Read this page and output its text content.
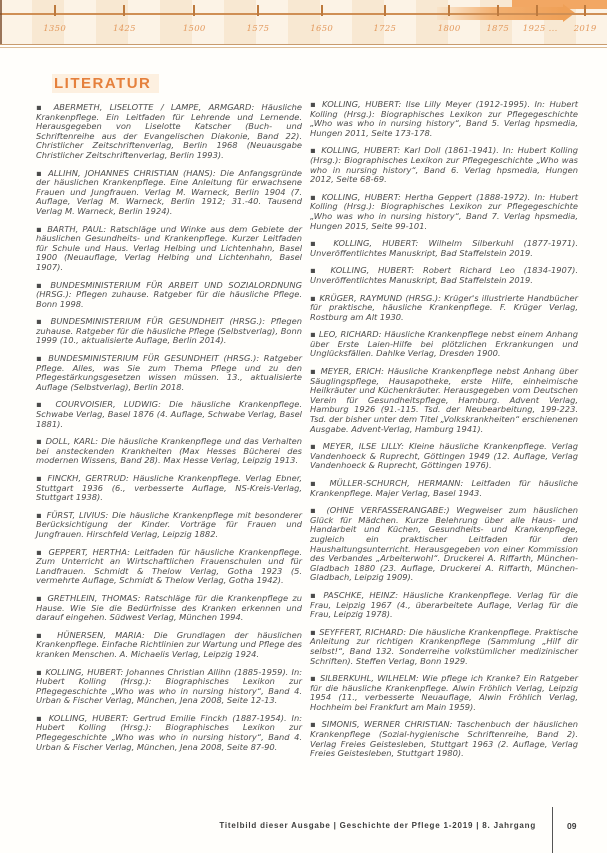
1350	1425	1500	1575	1650	1725	1800	1875 1925 ... 2019
LITERATUR

▪ ABERMETH, LISELOTTE / LAMPE, ARMGARD: Häusliche Krankenpflege. Ein Leitfaden für Lehrende und Lernende. Herausgegeben von Liselotte Katscher (Buch- und Schriftenreihe aus der Evangelischen Diakonie, Band 22). Christlicher Zeitschriftenverlag, Berlin 1968 (Neuausgabe Christlicher Zeitschriftenverlag, Berlin 1993).

▪ ALLIHN, JOHANNES CHRISTIAN (HANS): Die Anfangsgründe der häuslichen Krankenpflege. Eine Anleitung für erwachsene Frauen und Jungfrauen. Verlag M. Warneck, Berlin 1904 (7. Auflage, Verlag M. Warneck, Berlin 1912; 31.-40. Tausend Verlag M. Warneck, Berlin 1924).

▪ BARTH, PAUL: Ratschläge und Winke aus dem Gebiete der häuslichen Gesundheits- und Krankenpflege. Kurzer Leitfaden für Schule und Haus. Verlag Helbing und Lichtenhahn, Basel 1900 (Neuauflage, Verlag Helbing und Lichtenhahn, Basel 1907).

▪ BUNDESMINISTERIUM FÜR ARBEIT UND SOZIALORDNUNG (HRSG.): Pflegen zuhause. Ratgeber für die häusliche Pflege. Bonn 1998.

▪ BUNDESMINISTERIUM FÜR GESUNDHEIT (HRSG.): Pflegen zuhause. Ratgeber für die häusliche Pflege (Selbstverlag), Bonn 1999 (10., aktualisierte Auflage, Berlin 2014).

▪ BUNDESMINISTERIUM FÜR GESUNDHEIT (HRSG.): Ratgeber Pflege. Alles, was Sie zum Thema Pflege und zu den Pflegestärkungsgesetzen wissen müssen. 13., aktualisierte Auflage (Selbstverlag), Berlin 2018.

▪ COURVOISIER, LUDWIG: Die häusliche Krankenpflege. Schwabe Verlag, Basel 1876 (4. Auflage, Schwabe Verlag, Basel 1881).

▪ DOLL, KARL: Die häusliche Krankenpflege und das Verhalten bei ansteckenden Krankheiten (Max Hesses Bücherei des modernen Wissens, Band 28). Max Hesse Verlag, Leipzig 1913.

▪ FINCKH, GERTRUD: Häusliche Krankenpflege. Verlag Ebner, Stuttgart 1936 (6., verbesserte Auflage, NS-Kreis-Verlag, Stuttgart 1938).

▪ FÜRST, LIVIUS: Die häusliche Krankenpflege mit besonderer Berücksichtigung der Kinder. Vorträge für Frauen und Jungfrauen. Hirschfeld Verlag, Leipzig 1882.

▪ GEPPERT, HERTHA: Leitfaden für häusliche Krankenpflege. Zum Unterricht an Wirtschaftlichen Frauenschulen und für Landfrauen. Schmidt & Thelow Verlag, Gotha 1923 (5. vermehrte Auflage, Schmidt & Thelow Verlag, Gotha 1942).

▪ GRETHLEIN, THOMAS: Ratschläge für die Krankenpflege zu Hause. Wie Sie die Bedürfnisse des Kranken erkennen und darauf eingehen. Südwest Verlag, München 1994.

▪ HÜNERSEN, MARIA: Die Grundlagen der häuslichen Krankenpflege. Einfache Richtlinien zur Wartung und Pflege des kranken Menschen. A. Michaelis Verlag, Leipzig 1924.

▪ KOLLING, HUBERT: Johannes Christian Allihn (1885-1959). In: Hubert Kolling (Hrsg.): Biographisches Lexikon zur Pflegegeschichte „Who was who in nursing history“, Band 4. Urban & Fischer Verlag, München, Jena 2008, Seite 12-13.

▪ KOLLING, HUBERT: Gertrud Emilie Finckh (1887-1954). In: Hubert Kolling (Hrsg.): Biographisches Lexikon zur Pflegegeschichte „Who was who in nursing history“, Band 4. Urban & Fischer Verlag, München, Jena 2008, Seite 87-90.

▪ KOLLING, HUBERT: Ilse Lilly Meyer (1912-1995). In: Hubert Kolling (Hrsg.): Biographisches Lexikon zur Pflegegeschichte „Who was who in nursing history“, Band 5. Verlag hpsmedia, Hungen 2011, Seite 173-178.

▪ KOLLING, HUBERT: Karl Doll (1861-1941). In: Hubert Kolling (Hrsg.): Biographisches Lexikon zur Pflegegeschichte „Who was who in nursing history“, Band 6. Verlag hpsmedia, Hungen 2012, Seite 68-69.

▪ KOLLING, HUBERT: Hertha Geppert (1888-1972). In: Hubert Kolling (Hrsg.): Biographisches Lexikon zur Pflegegeschichte „Who was who in nursing history“, Band 7. Verlag hpsmedia, Hungen 2015, Seite 99-101.

▪ KOLLING, HUBERT: Wilhelm Silberkuhl (1877-1971). Unveröffentlichtes Manuskript, Bad Staffelstein 2019.

▪ KOLLING, HUBERT: Robert Richard Leo (1834-1907). Unveröffentlichtes Manuskript, Bad Staffelstein 2019.

▪ KRÜGER, RAYMUND (HRSG.): Krüger's illustrierte Handbücher für praktische, häusliche Krankenpflege. F. Krüger Verlag, Rostburg am Alt 1930.

▪ LEO, RICHARD: Häusliche Krankenpflege nebst einem Anhang über Erste Laien-Hilfe bei plötzlichen Erkrankungen und Unglücksfällen. Dahlke Verlag, Dresden 1900.

▪ MEYER, ERICH: Häusliche Krankenpflege nebst Anhang über Säuglingspflege, Hausapotheke, erste Hilfe, einheimische Heilkräuter und Küchenkräuter. Herausgegeben vom Deutschen Verein für Gesundheitspflege, Hamburg. Advent Verlag, Hamburg 1926 (91.-115. Tsd. der Neubearbeitung, 199-223. Tsd. der bisher unter dem Titel „Volkskrankheiten“ erschienenen Ausgabe. Advent-Verlag, Hamburg 1941).

▪ MEYER, ILSE LILLY: Kleine häusliche Krankenpflege. Verlag Vandenhoeck & Ruprecht, Göttingen 1949 (12. Auflage, Verlag Vandenhoeck & Ruprecht, Göttingen 1976).

▪ MÜLLER-SCHURCH, HERMANN: Leitfaden für häusliche Krankenpflege. Majer Verlag, Basel 1943.

▪ (OHNE VERFASSERANGABE:) Wegweiser zum häuslichen Glück für Mädchen. Kurze Belehrung über alle Haus- und Handarbeit und Küchen, Gesundheits- und Krankenpflege, zugleich ein praktischer Leitfaden für den Haushaltungsunterricht. Herausgegeben von einer Kommission des Verbandes „Arbeiterwohl“. Druckerei A. Riffarth, München-Gladbach 1880 (23. Auflage, Druckerei A. Riffarth, München-Gladbach, Leipzig 1909).

▪ PASCHKE, HEINZ: Häusliche Krankenpflege. Verlag für die Frau, Leipzig 1967 (4., überarbeitete Auflage, Verlag für die Frau, Leipzig 1978).

▪ SEYFFERT, RICHARD: Die häusliche Krankenpflege. Praktische Anleitung zur richtigen Krankenpflege (Sammlung „Hilf dir selbst!“, Band 132. Sonderreihe volkstümlicher medizinischer Schriften). Steffen Verlag, Bonn 1929.

▪ SILBERKUHL, WILHELM: Wie pflege ich Kranke? Ein Ratgeber für die häusliche Krankenpflege. Alwin Fröhlich Verlag, Leipzig 1954 (11., verbesserte Neuauflage, Alwin Fröhlich Verlag, Hochheim bei Frankfurt am Main 1959).

▪ SIMONIS, WERNER CHRISTIAN: Taschenbuch der häuslichen Krankenpflege (Sozial-hygienische Schriftenreihe, Band 2). Verlag Freies Geistesleben, Stuttgart 1963 (2. Auflage, Verlag Freies Geistesleben, Stuttgart 1980).

Titelbild dieser Ausgabe | Geschichte der Pflege 1-2019 | 8. Jahrgang	09
